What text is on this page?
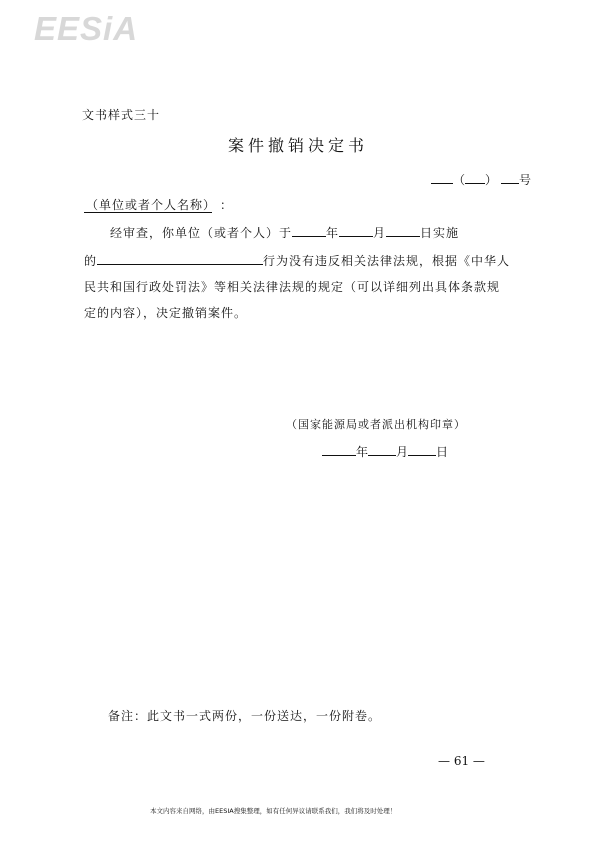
EESiA
文书样式三十
案件撤销决定书
（ ） 号
（单位或者个人名称） ：
经审查，你单位（或者个人）于	年	月	日实施
的	行为没有违反相关法律法规，根据《中华人
民共和国行政处罚法》等相关法律法规的规定（可以详细列出具体条款规
定的内容），决定撤销案件。
（国家能源局或者派出机构印章）
年 月 日
备注：此文书一式两份，一份送达，一份附卷。
— 61 —
本文内容来自网络，由EESIA搜集整理，如有任何异议请联系我们，我们将及时处理！
